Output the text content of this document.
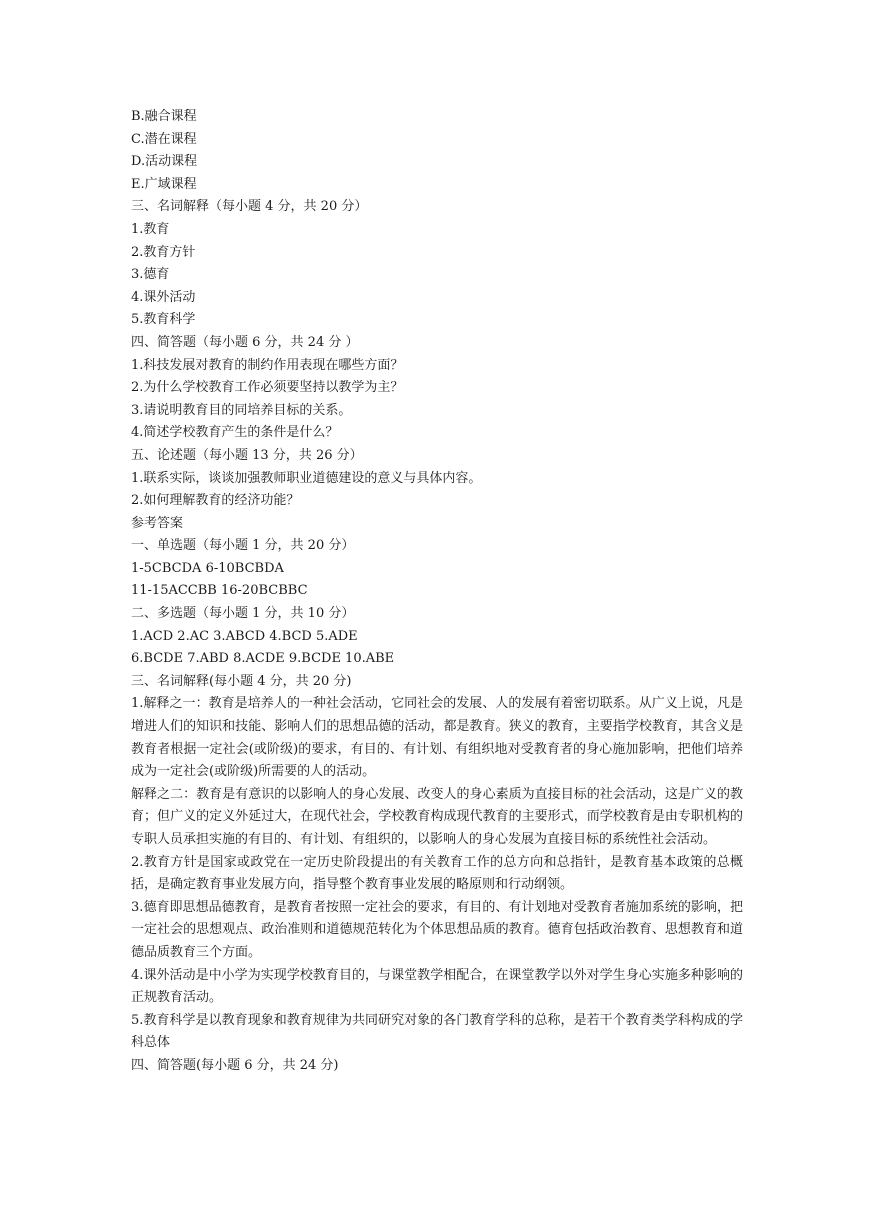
B.融合课程
C.潜在课程
D.活动课程
E.广域课程
三、名词解释（每小题 4 分，共 20 分）
1.教育
2.教育方针
3.德育
4.课外活动
5.教育科学
四、简答题（每小题 6 分，共 24 分 ）
1.科技发展对教育的制约作用表现在哪些方面？
2.为什么学校教育工作必须要坚持以教学为主？
3.请说明教育目的同培养目标的关系。
4.简述学校教育产生的条件是什么？
五、论述题（每小题 13 分，共 26 分）
1.联系实际，谈谈加强教师职业道德建设的意义与具体内容。
2.如何理解教育的经济功能？
参考答案
一、单选题（每小题 1 分，共 20 分）
1-5CBCDA 6-10BCBDA
11-15ACCBB 16-20BCBBC
二、多选题（每小题 1 分，共 10 分）
1.ACD 2.AC 3.ABCD 4.BCD 5.ADE
6.BCDE 7.ABD 8.ACDE 9.BCDE 10.ABE
三、名词解释(每小题 4 分，共 20 分)
1.解释之一：教育是培养人的一种社会活动，它同社会的发展、人的发展有着密切联系。从广义上说，凡是增进人们的知识和技能、影响人们的思想品德的活动，都是教育。狭义的教育，主要指学校教育，其含义是教育者根据一定社会(或阶级)的要求，有目的、有计划、有组织地对受教育者的身心施加影响，把他们培养成为一定社会(或阶级)所需要的人的活动。
解释之二：教育是有意识的以影响人的身心发展、改变人的身心素质为直接目标的社会活动，这是广义的教育；但广义的定义外延过大，在现代社会，学校教育构成现代教育的主要形式，而学校教育是由专职机构的专职人员承担实施的有目的、有计划、有组织的，以影响人的身心发展为直接目标的系统性社会活动。
2.教育方针是国家或政党在一定历史阶段提出的有关教育工作的总方向和总指针，是教育基本政策的总概括，是确定教育事业发展方向，指导整个教育事业发展的略原则和行动纲领。
3.德育即思想品德教育，是教育者按照一定社会的要求，有目的、有计划地对受教育者施加系统的影响，把一定社会的思想观点、政治准则和道德规范转化为个体思想品质的教育。德育包括政治教育、思想教育和道德品质教育三个方面。
4.课外活动是中小学为实现学校教育目的，与课堂教学相配合，在课堂教学以外对学生身心实施多种影响的正规教育活动。
5.教育科学是以教育现象和教育规律为共同研究对象的各门教育学科的总称，是若干个教育类学科构成的学科总体
四、简答题(每小题 6 分，共 24 分)
